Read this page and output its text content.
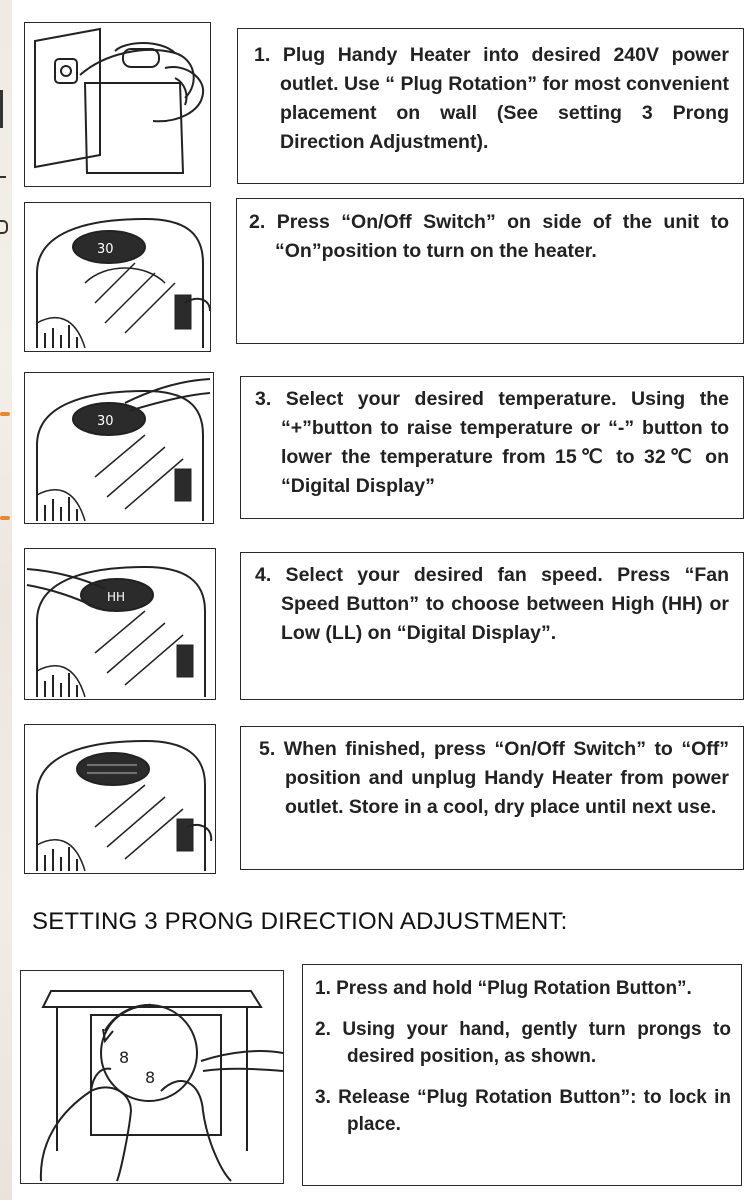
1. Plug Handy Heater into desired 240V power outlet. Use “ Plug Rotation” for most convenient placement on wall (See setting 3 Prong Direction Adjustment).
30
2. Press “On/Off Switch” on side of the unit to “On”position to turn on the heater.
30
3. Select your desired temperature. Using the “+”button to raise temperature or “-” button to lower the temperature from 15℃ to 32℃ on “Digital Display”
HH
4. Select your desired fan speed. Press “Fan Speed Button” to choose between High (HH) or Low (LL) on “Digital Display”.
5. When finished, press “On/Off Switch” to “Off” position and unplug Handy Heater from power outlet. Store in a cool, dry place until next use.
SETTING 3 PRONG DIRECTION ADJUSTMENT:
8
8
1. Press and hold “Plug Rotation Button”.
2. Using your hand, gently turn prongs to desired position, as shown.
3. Release “Plug Rotation Button”: to lock in place.
